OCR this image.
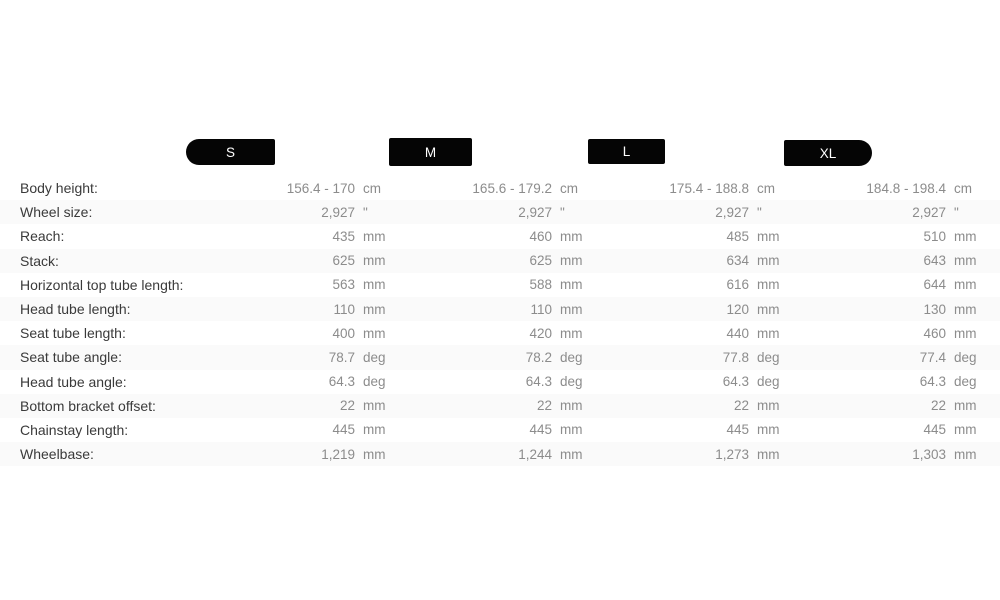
S	M	L	XL
Body height:	156.4 - 170 cm	165.6 - 179.2 cm	175.4 - 188.8 cm	184.8 - 198.4 cm
Wheel size:	2,927 "	2,927 "	2,927 "	2,927 "
Reach:	435 mm	460 mm	485 mm	510 mm
Stack:	625 mm	625 mm	634 mm	643 mm
Horizontal top tube length:	563 mm	588 mm	616 mm	644 mm
Head tube length:	110 mm	110 mm	120 mm	130 mm
Seat tube length:	400 mm	420 mm	440 mm	460 mm
Seat tube angle:	78.7 deg	78.2 deg	77.8 deg	77.4 deg
Head tube angle:	64.3 deg	64.3 deg	64.3 deg	64.3 deg
Bottom bracket offset:	22 mm	22 mm	22 mm	22 mm
Chainstay length:	445 mm	445 mm	445 mm	445 mm
Wheelbase:	1,219 mm	1,244 mm	1,273 mm	1,303 mm
